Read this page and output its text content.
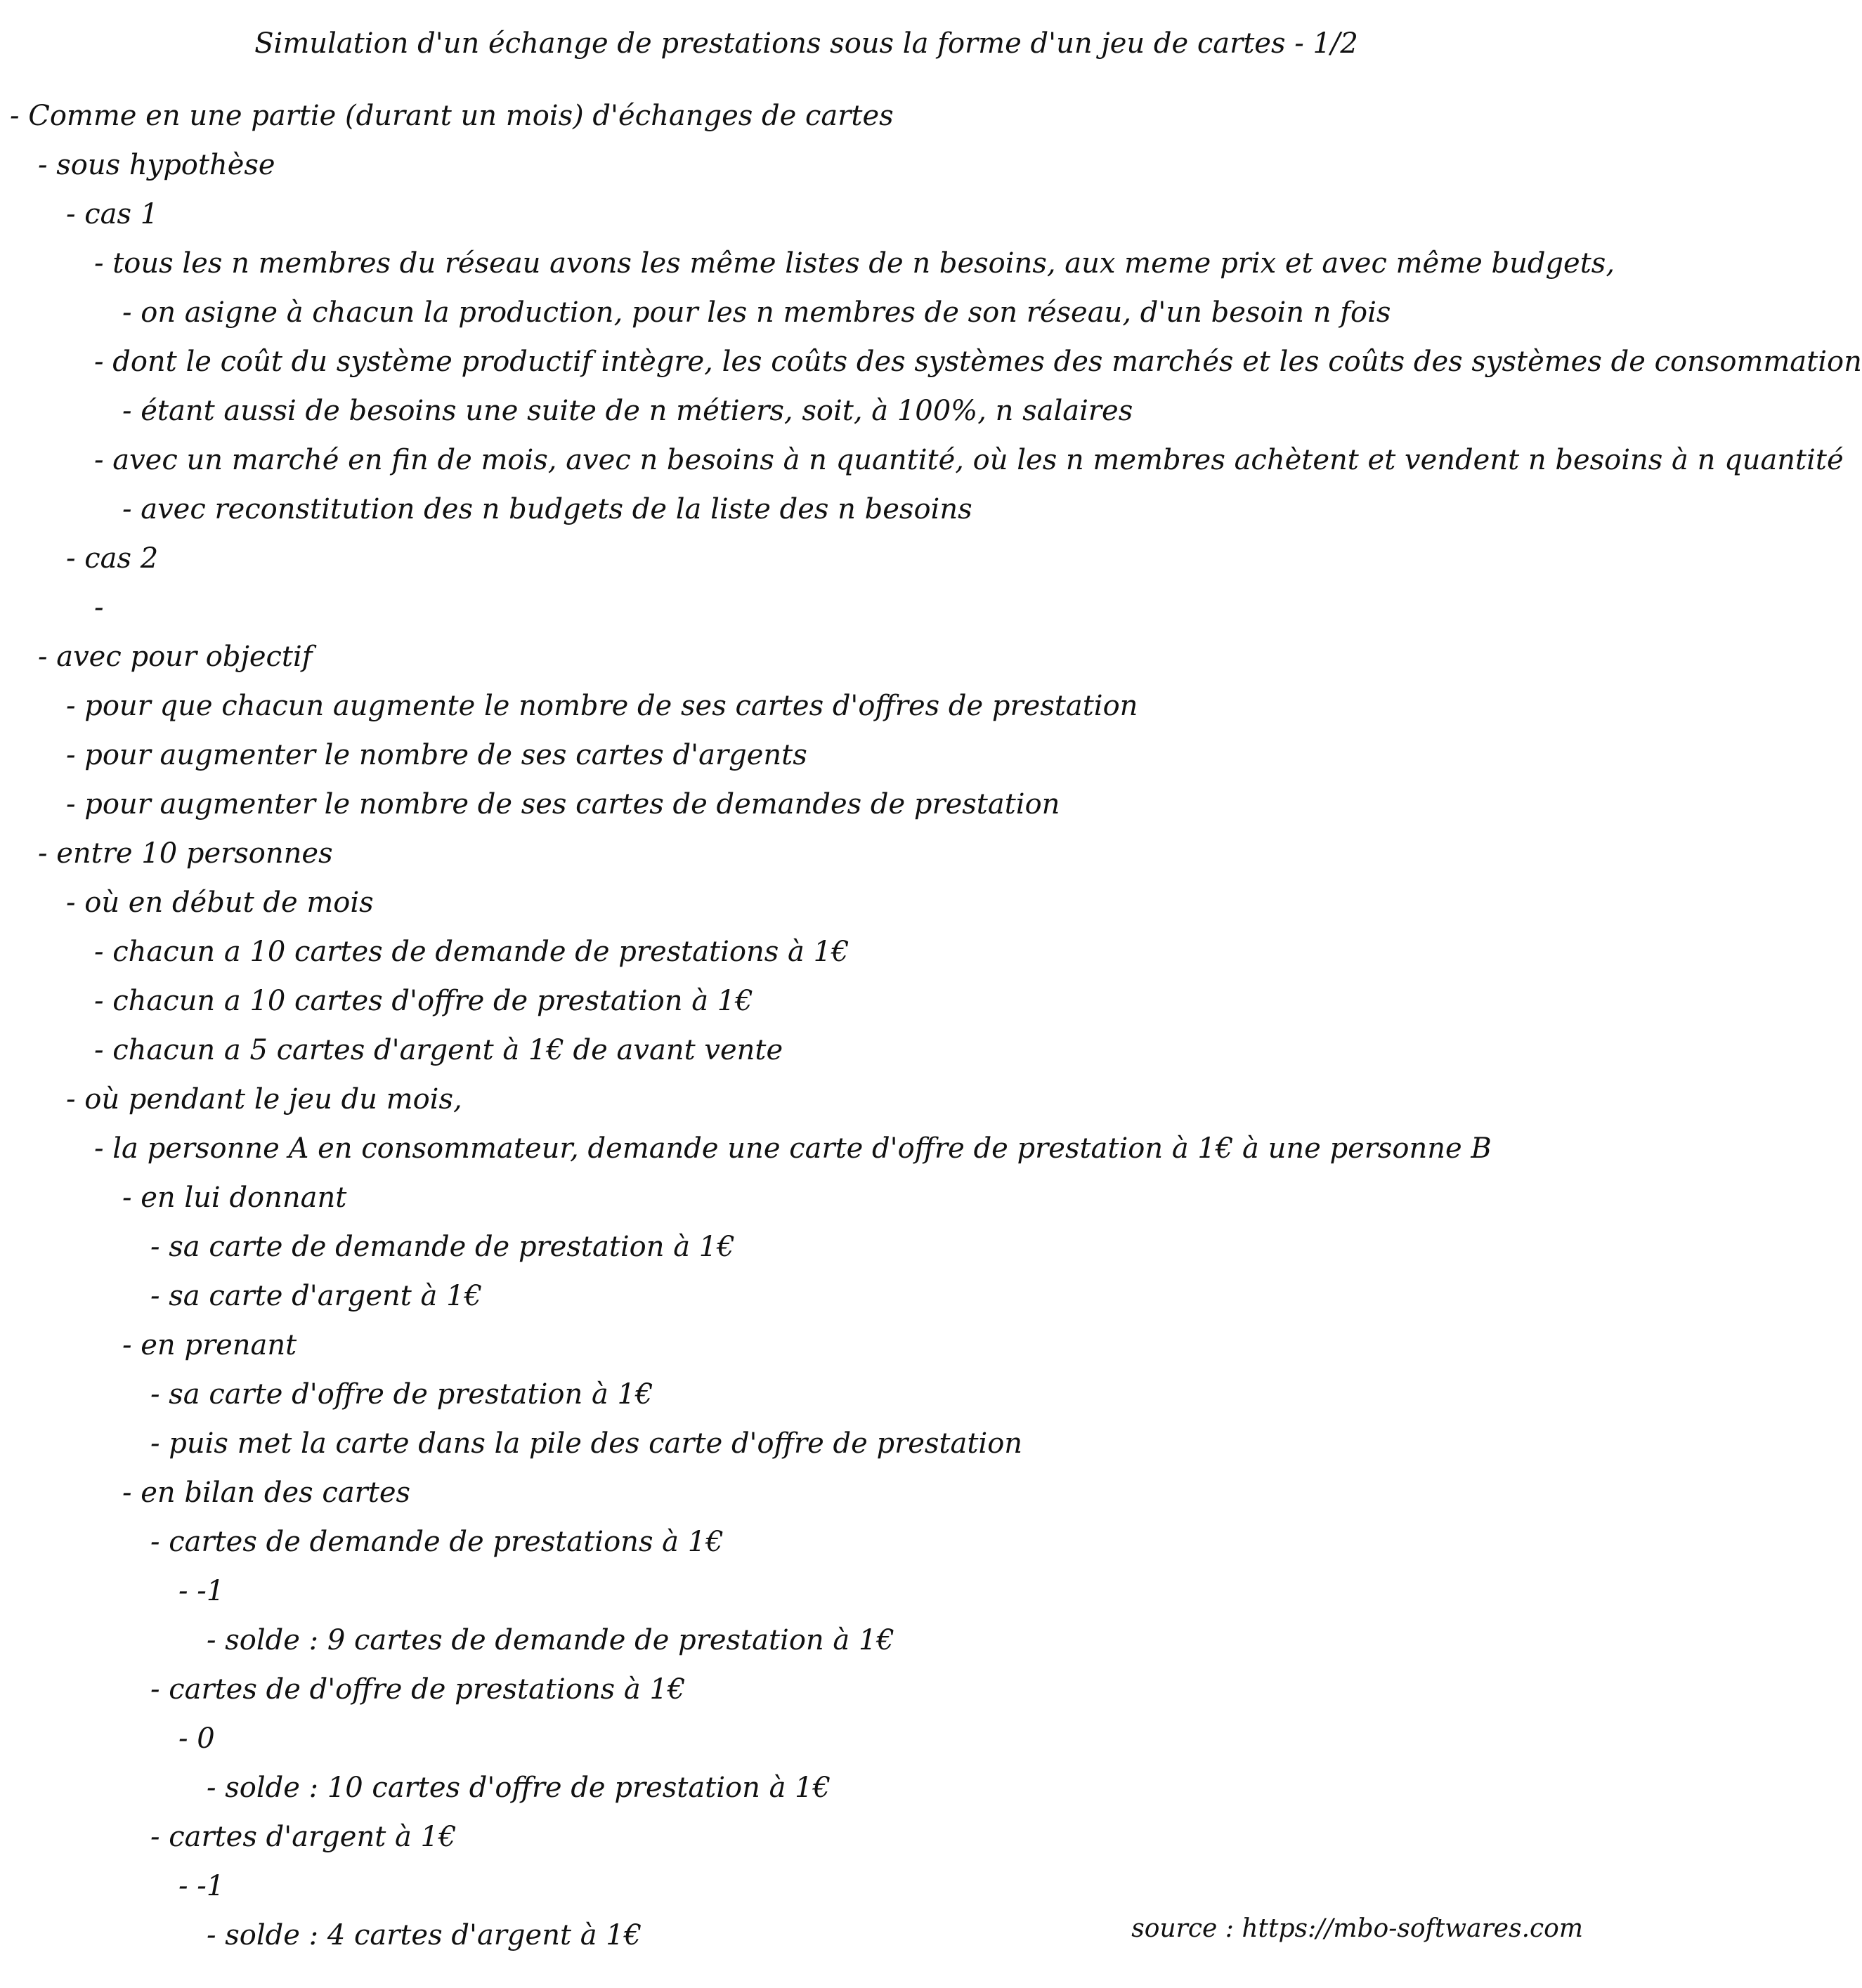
Simulation d'un échange de prestations sous la forme d'un jeu de cartes - 1/2
- Comme en une partie (durant un mois) d'échanges de cartes
- sous hypothèse
- cas 1
- tous les n membres du réseau avons les même listes de n besoins, aux meme prix et avec même budgets,
- on asigne à chacun la production, pour les n membres de son réseau, d'un besoin n fois
- dont le coût du système productif intègre, les coûts des systèmes des marchés et les coûts des systèmes de consommation
- étant aussi de besoins une suite de n métiers, soit, à 100%, n salaires
- avec un marché en fin de mois, avec n besoins à n quantité, où les n membres achètent et vendent n besoins à n quantité
- avec reconstitution des n budgets de la liste des n besoins
- cas 2
-
- avec pour objectif
- pour que chacun augmente le nombre de ses cartes d'offres de prestation
- pour augmenter le nombre de ses cartes d'argents
- pour augmenter le nombre de ses cartes de demandes de prestation
- entre 10 personnes
- où en début de mois
- chacun a 10 cartes de demande de prestations à 1€
- chacun a 10 cartes d'offre de prestation à 1€
- chacun a 5 cartes d'argent à 1€ de avant vente
- où pendant le jeu du mois,
- la personne A en consommateur, demande une carte d'offre de prestation à 1€ à une personne B
- en lui donnant
- sa carte de demande de prestation à 1€
- sa carte d'argent à 1€
- en prenant
- sa carte d'offre de prestation à 1€
- puis met la carte dans la pile des carte d'offre de prestation
- en bilan des cartes
- cartes de demande de prestations à 1€
- -1
- solde : 9 cartes de demande de prestation à 1€
- cartes de d'offre de prestations à 1€
- 0
- solde : 10 cartes d'offre de prestation à 1€
- cartes d'argent à 1€
- -1
- solde : 4 cartes d'argent à 1€	source : https://mbo-softwares.com
